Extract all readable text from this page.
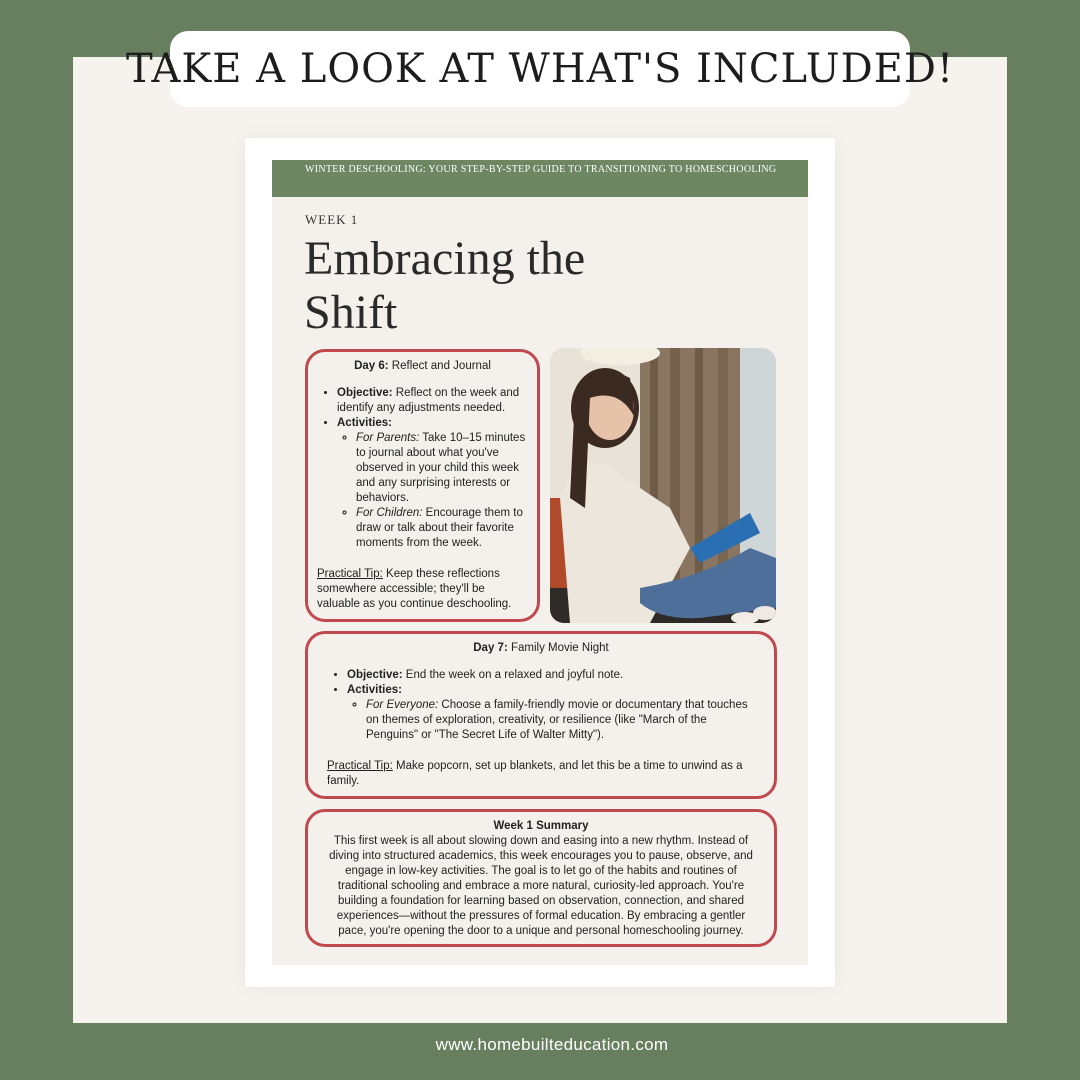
TAKE A LOOK AT WHAT'S INCLUDED!
WINTER DESCHOOLING: YOUR STEP-BY-STEP GUIDE TO TRANSITIONING TO HOMESCHOOLING
WEEK 1
Embracing the Shift
Day 6: Reflect and Journal
• Objective: Reflect on the week and identify any adjustments needed.
• Activities:
◦ For Parents: Take 10–15 minutes to journal about what you've observed in your child this week and any surprising interests or behaviors.
◦ For Children: Encourage them to draw or talk about their favorite moments from the week.
Practical Tip: Keep these reflections somewhere accessible; they'll be valuable as you continue deschooling.
Day 7: Family Movie Night
• Objective: End the week on a relaxed and joyful note.
• Activities:
◦ For Everyone: Choose a family-friendly movie or documentary that touches on themes of exploration, creativity, or resilience (like "March of the Penguins" or "The Secret Life of Walter Mitty").
Practical Tip: Make popcorn, set up blankets, and let this be a time to unwind as a family.
Week 1 Summary
This first week is all about slowing down and easing into a new rhythm. Instead of diving into structured academics, this week encourages you to pause, observe, and engage in low-key activities. The goal is to let go of the habits and routines of traditional schooling and embrace a more natural, curiosity-led approach. You're building a foundation for learning based on observation, connection, and shared experiences—without the pressures of formal education. By embracing a gentler pace, you're opening the door to a unique and personal homeschooling journey.
www.homebuilteducation.com
